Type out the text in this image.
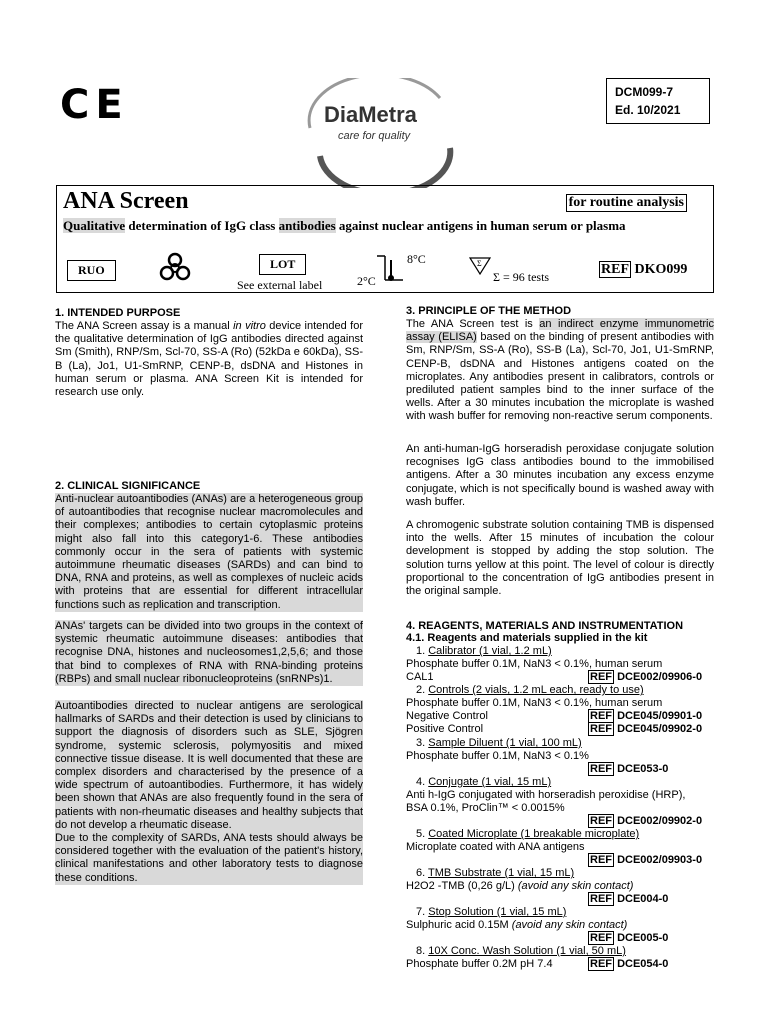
CE	DiaMetra
care for quality
DCM099-7
Ed. 10/2021
ANA Screen	for routine analysis
Qualitative determination of IgG class antibodies against nuclear antigens in human serum or plasma
RUO	LOT
See external label
8°C
2°C
Σ
Σ = 96 tests	REF DKO099
1. INTENDED PURPOSE
The ANA Screen assay is a manual in vitro device intended for the qualitative determination of IgG antibodies directed against Sm (Smith), RNP/Sm, Scl-70, SS-A (Ro) (52kDa e 60kDa), SS-B (La), Jo1, U1-SmRNP, CENP-B, dsDNA and Histones in human serum or plasma. ANA Screen Kit is intended for research use only.
2. CLINICAL SIGNIFICANCE
Anti-nuclear autoantibodies (ANAs) are a heterogeneous group of autoantibodies that recognise nuclear macromolecules and their complexes; antibodies to certain cytoplasmic proteins might also fall into this category1-6. These antibodies commonly occur in the sera of patients with systemic autoimmune rheumatic diseases (SARDs) and can bind to DNA, RNA and proteins, as well as complexes of nucleic acids with proteins that are essential for different intracellular functions such as replication and transcription.
ANAs' targets can be divided into two groups in the context of systemic rheumatic autoimmune diseases: antibodies that recognise DNA, histones and nucleosomes1,2,5,6; and those that bind to complexes of RNA with RNA-binding proteins (RBPs) and small nuclear ribonucleoproteins (snRNPs)1.
Autoantibodies directed to nuclear antigens are serological hallmarks of SARDs and their detection is used by clinicians to support the diagnosis of disorders such as SLE, Sjögren syndrome, systemic sclerosis, polymyositis and mixed connective tissue disease. It is well documented that these are complex disorders and characterised by the presence of a wide spectrum of autoantibodies. Furthermore, it has widely been shown that ANAs are also frequently found in the sera of patients with non-rheumatic diseases and healthy subjects that do not develop a rheumatic disease.
Due to the complexity of SARDs, ANA tests should always be considered together with the evaluation of the patient's history, clinical manifestations and other laboratory tests to diagnose these conditions.
3. PRINCIPLE OF THE METHOD
The ANA Screen test is an indirect enzyme immunometric assay (ELISA) based on the binding of present antibodies with Sm, RNP/Sm, SS-A (Ro), SS-B (La), Scl-70, Jo1, U1-SmRNP, CENP-B, dsDNA and Histones antigens coated on the microplates. Any antibodies present in calibrators, controls or prediluted patient samples bind to the inner surface of the wells. After a 30 minutes incubation the microplate is washed with wash buffer for removing non-reactive serum components.
An anti-human-IgG horseradish peroxidase conjugate solution recognises IgG class antibodies bound to the immobilised antigens. After a 30 minutes incubation any excess enzyme conjugate, which is not specifically bound is washed away with wash buffer.
A chromogenic substrate solution containing TMB is dispensed into the wells. After 15 minutes of incubation the colour development is stopped by adding the stop solution. The solution turns yellow at this point. The level of colour is directly proportional to the concentration of IgG antibodies present in the original sample.
4. REAGENTS, MATERIALS AND INSTRUMENTATION
4.1. Reagents and materials supplied in the kit
1. Calibrator (1 vial, 1.2 mL)
Phosphate buffer 0.1M, NaN3 < 0.1%, human serum
CAL1	REF DCE002/09906-0
2. Controls (2 vials, 1.2 mL each, ready to use)
Phosphate buffer 0.1M, NaN3 < 0.1%, human serum
Negative Control	REF DCE045/09901-0
Positive Control	REF DCE045/09902-0
3. Sample Diluent (1 vial, 100 mL)
Phosphate buffer 0.1M, NaN3 < 0.1%
REF DCE053-0
4. Conjugate (1 vial, 15 mL)
Anti h-IgG conjugated with horseradish peroxidise (HRP),
BSA 0.1%, ProClin™ < 0.0015%
REF DCE002/09902-0
5. Coated Microplate (1 breakable microplate)
Microplate coated with ANA antigens
REF DCE002/09903-0
6. TMB Substrate (1 vial, 15 mL)
H2O2 -TMB (0,26 g/L) (avoid any skin contact)
REF DCE004-0
7. Stop Solution (1 vial, 15 mL)
Sulphuric acid 0.15M (avoid any skin contact)
REF DCE005-0
8. 10X Conc. Wash Solution (1 vial, 50 mL)
Phosphate buffer 0.2M pH 7.4	REF DCE054-0
